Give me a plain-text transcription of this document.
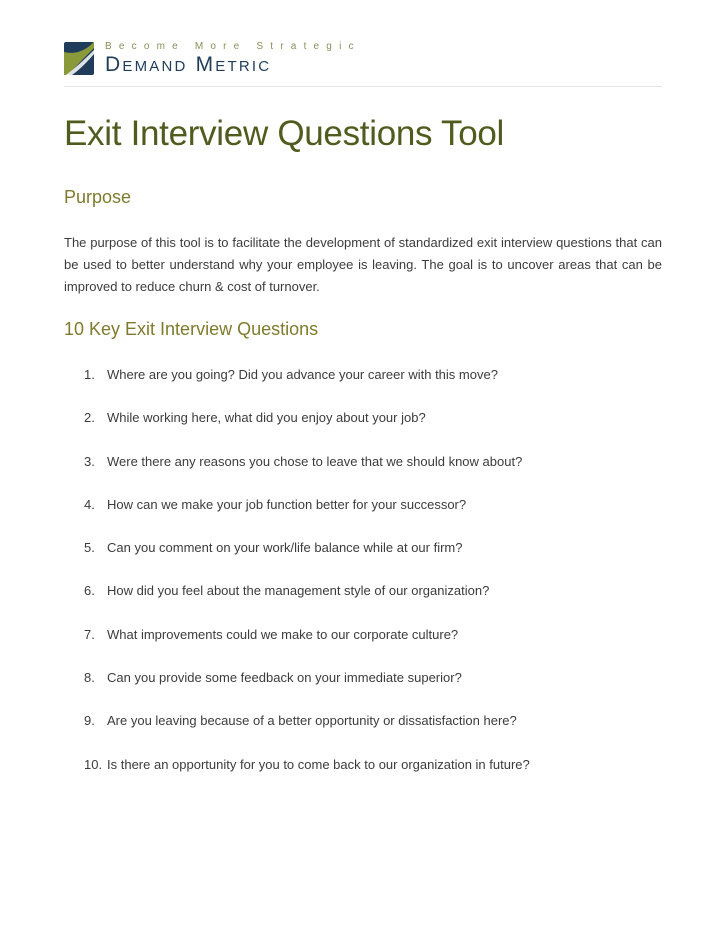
Become More Strategic
Demand Metric
Exit Interview Questions Tool
Purpose

The purpose of this tool is to facilitate the development of standardized exit interview questions that can be used to better understand why your employee is leaving. The goal is to uncover areas that can be improved to reduce churn & cost of turnover.

10 Key Exit Interview Questions
1. Where are you going? Did you advance your career with this move?
2. While working here, what did you enjoy about your job?
3. Were there any reasons you chose to leave that we should know about?
4. How can we make your job function better for your successor?
5. Can you comment on your work/life balance while at our firm?
6. How did you feel about the management style of our organization?
7. What improvements could we make to our corporate culture?
8. Can you provide some feedback on your immediate superior?
9. Are you leaving because of a better opportunity or dissatisfaction here?
10. Is there an opportunity for you to come back to our organization in future?
